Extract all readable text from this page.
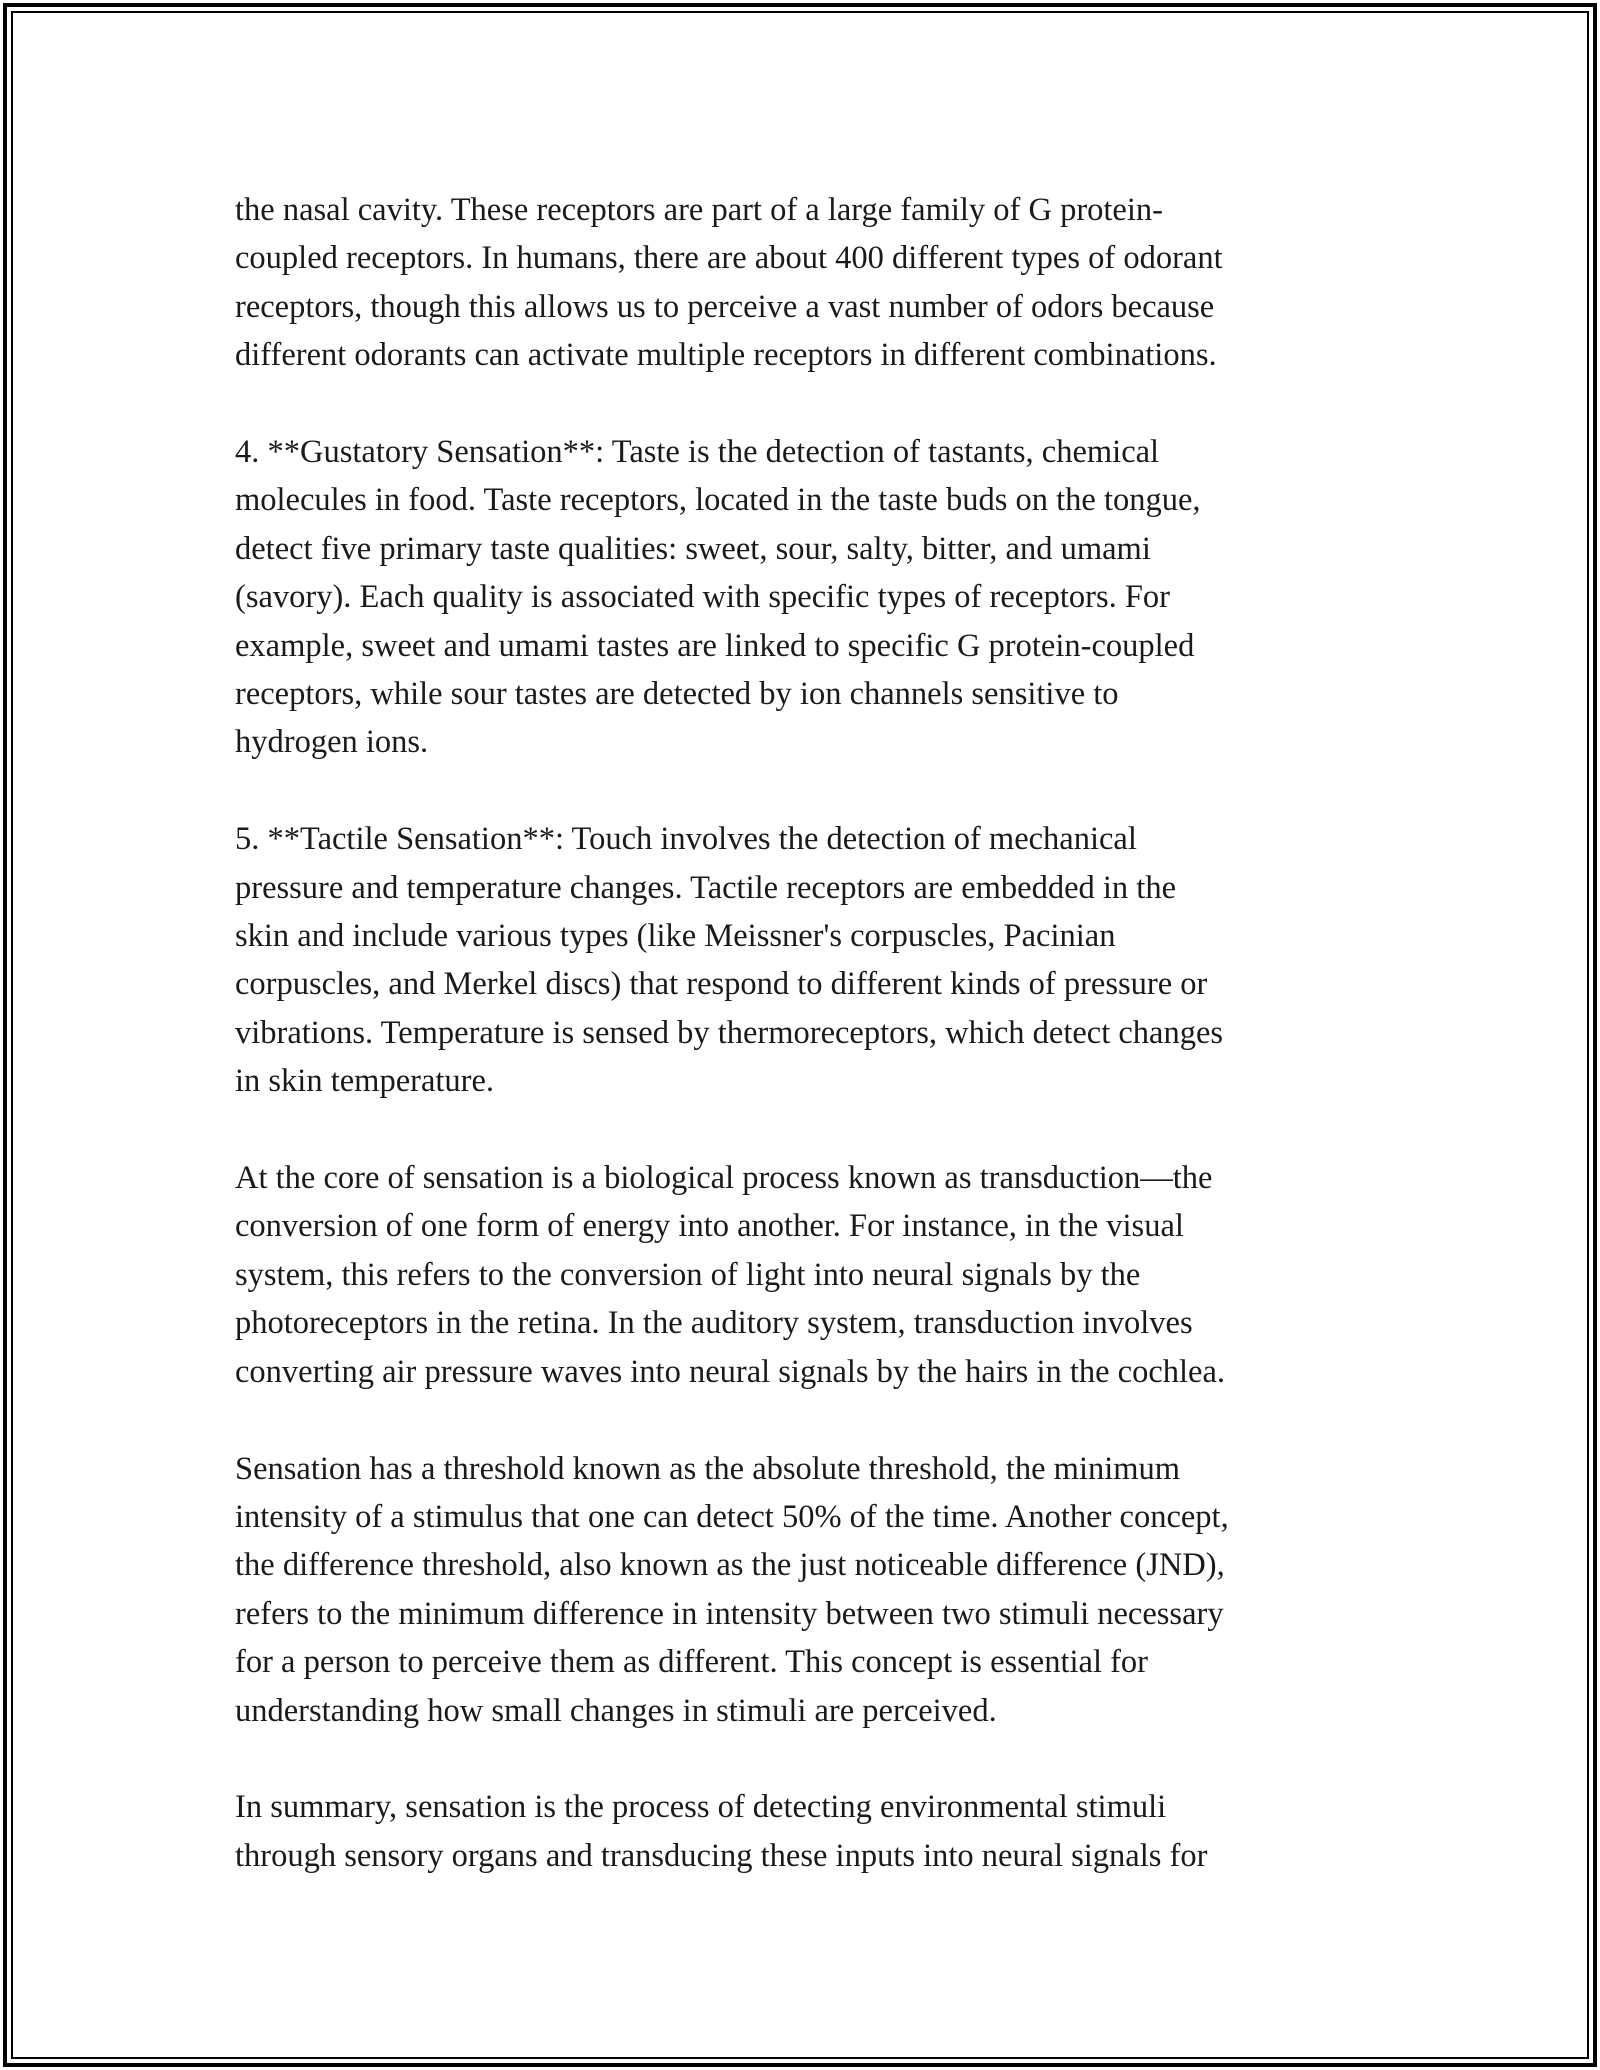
the nasal cavity. These receptors are part of a large family of G protein-
coupled receptors. In humans, there are about 400 different types of odorant
receptors, though this allows us to perceive a vast number of odors because
different odorants can activate multiple receptors in different combinations.

4. **Gustatory Sensation**: Taste is the detection of tastants, chemical
molecules in food. Taste receptors, located in the taste buds on the tongue,
detect five primary taste qualities: sweet, sour, salty, bitter, and umami
(savory). Each quality is associated with specific types of receptors. For
example, sweet and umami tastes are linked to specific G protein-coupled
receptors, while sour tastes are detected by ion channels sensitive to
hydrogen ions.

5. **Tactile Sensation**: Touch involves the detection of mechanical
pressure and temperature changes. Tactile receptors are embedded in the
skin and include various types (like Meissner's corpuscles, Pacinian
corpuscles, and Merkel discs) that respond to different kinds of pressure or
vibrations. Temperature is sensed by thermoreceptors, which detect changes
in skin temperature.

At the core of sensation is a biological process known as transduction—the
conversion of one form of energy into another. For instance, in the visual
system, this refers to the conversion of light into neural signals by the
photoreceptors in the retina. In the auditory system, transduction involves
converting air pressure waves into neural signals by the hairs in the cochlea.

Sensation has a threshold known as the absolute threshold, the minimum
intensity of a stimulus that one can detect 50% of the time. Another concept,
the difference threshold, also known as the just noticeable difference (JND),
refers to the minimum difference in intensity between two stimuli necessary
for a person to perceive them as different. This concept is essential for
understanding how small changes in stimuli are perceived.

In summary, sensation is the process of detecting environmental stimuli
through sensory organs and transducing these inputs into neural signals for
